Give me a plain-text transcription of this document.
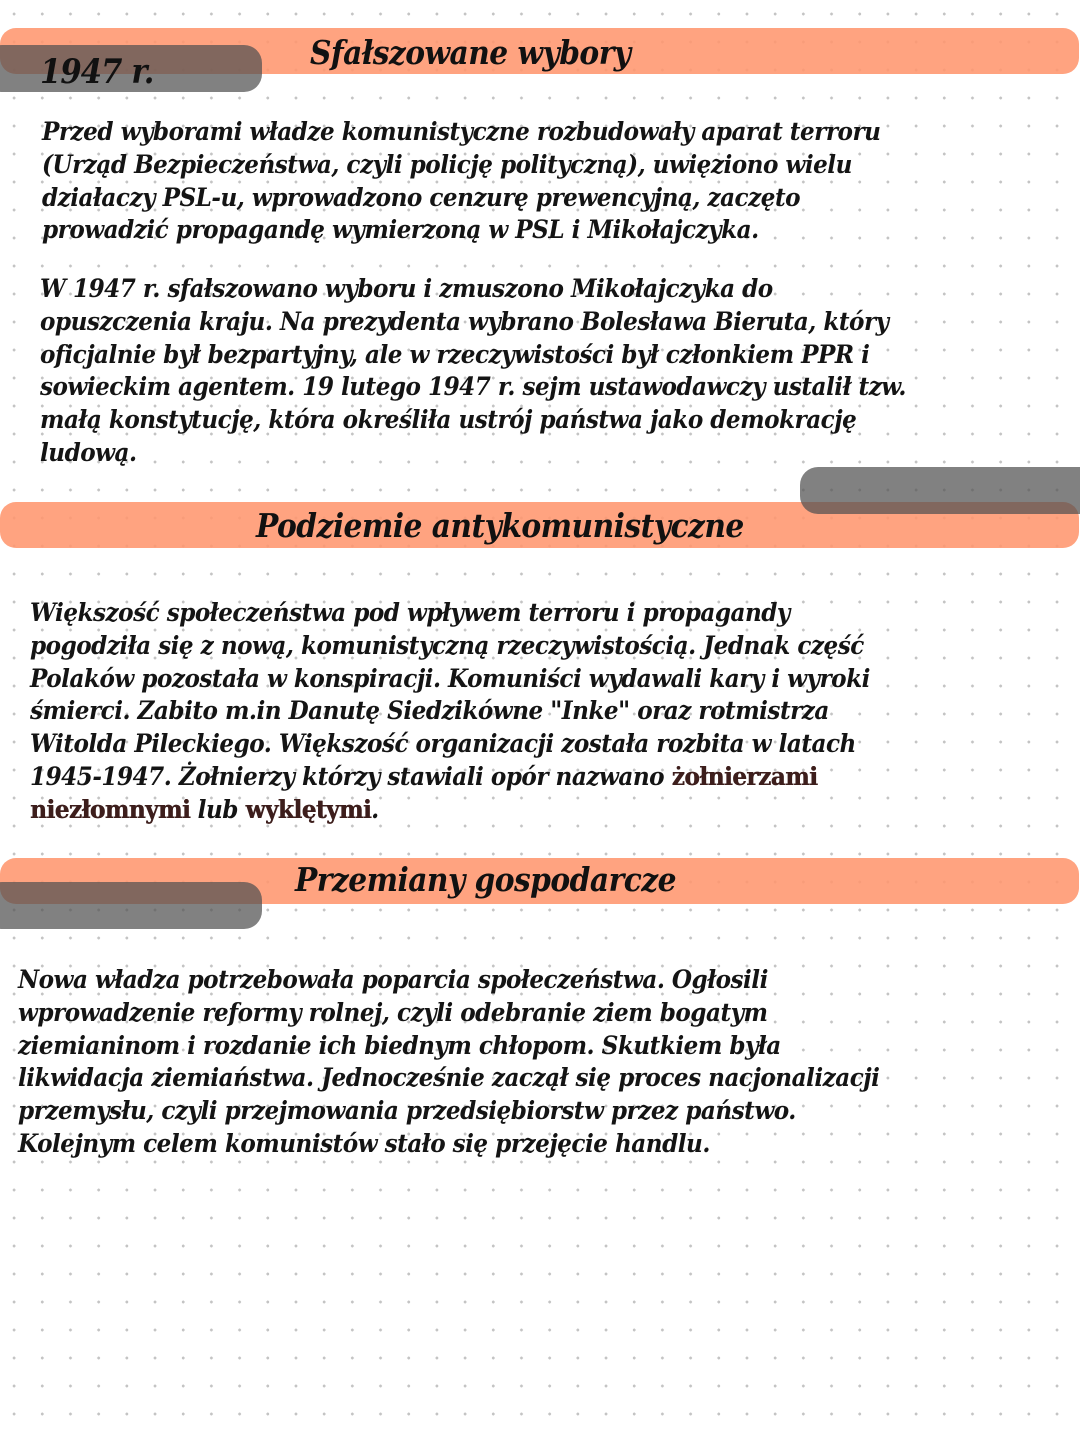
1947 r.	Sfałszowane wybory
Przed wyborami władze komunistyczne rozbudowały aparat terroru
(Urząd Bezpieczeństwa, czyli policję polityczną), uwięziono wielu
działaczy PSL-u, wprowadzono cenzurę prewencyjną, zaczęto
prowadzić propagandę wymierzoną w PSL i Mikołajczyka.
W 1947 r. sfałszowano wyboru i zmuszono Mikołajczyka do
opuszczenia kraju. Na prezydenta wybrano Bolesława Bieruta, który
oficjalnie był bezpartyjny, ale w rzeczywistości był członkiem PPR i
sowieckim agentem. 19 lutego 1947 r. sejm ustawodawczy ustalił tzw.
małą konstytucję, która określiła ustrój państwa jako demokrację
ludową.
Podziemie antykomunistyczne
Większość społeczeństwa pod wpływem terroru i propagandy
pogodziła się z nową, komunistyczną rzeczywistością. Jednak część
Polaków pozostała w konspiracji. Komuniści wydawali kary i wyroki
śmierci. Zabito m.in Danutę Siedzikówne "Inke" oraz rotmistrza
Witolda Pileckiego. Większość organizacji została rozbita w latach
1945-1947. Żołnierzy którzy stawiali opór nazwano żołnierzami
niezłomnymi lub wyklętymi.
Przemiany gospodarcze
Nowa władza potrzebowała poparcia społeczeństwa. Ogłosili
wprowadzenie reformy rolnej, czyli odebranie ziem bogatym
ziemianinom i rozdanie ich biednym chłopom. Skutkiem była
likwidacja ziemiaństwa. Jednocześnie zaczął się proces nacjonalizacji
przemysłu, czyli przejmowania przedsiębiorstw przez państwo.
Kolejnym celem komunistów stało się przejęcie handlu.
